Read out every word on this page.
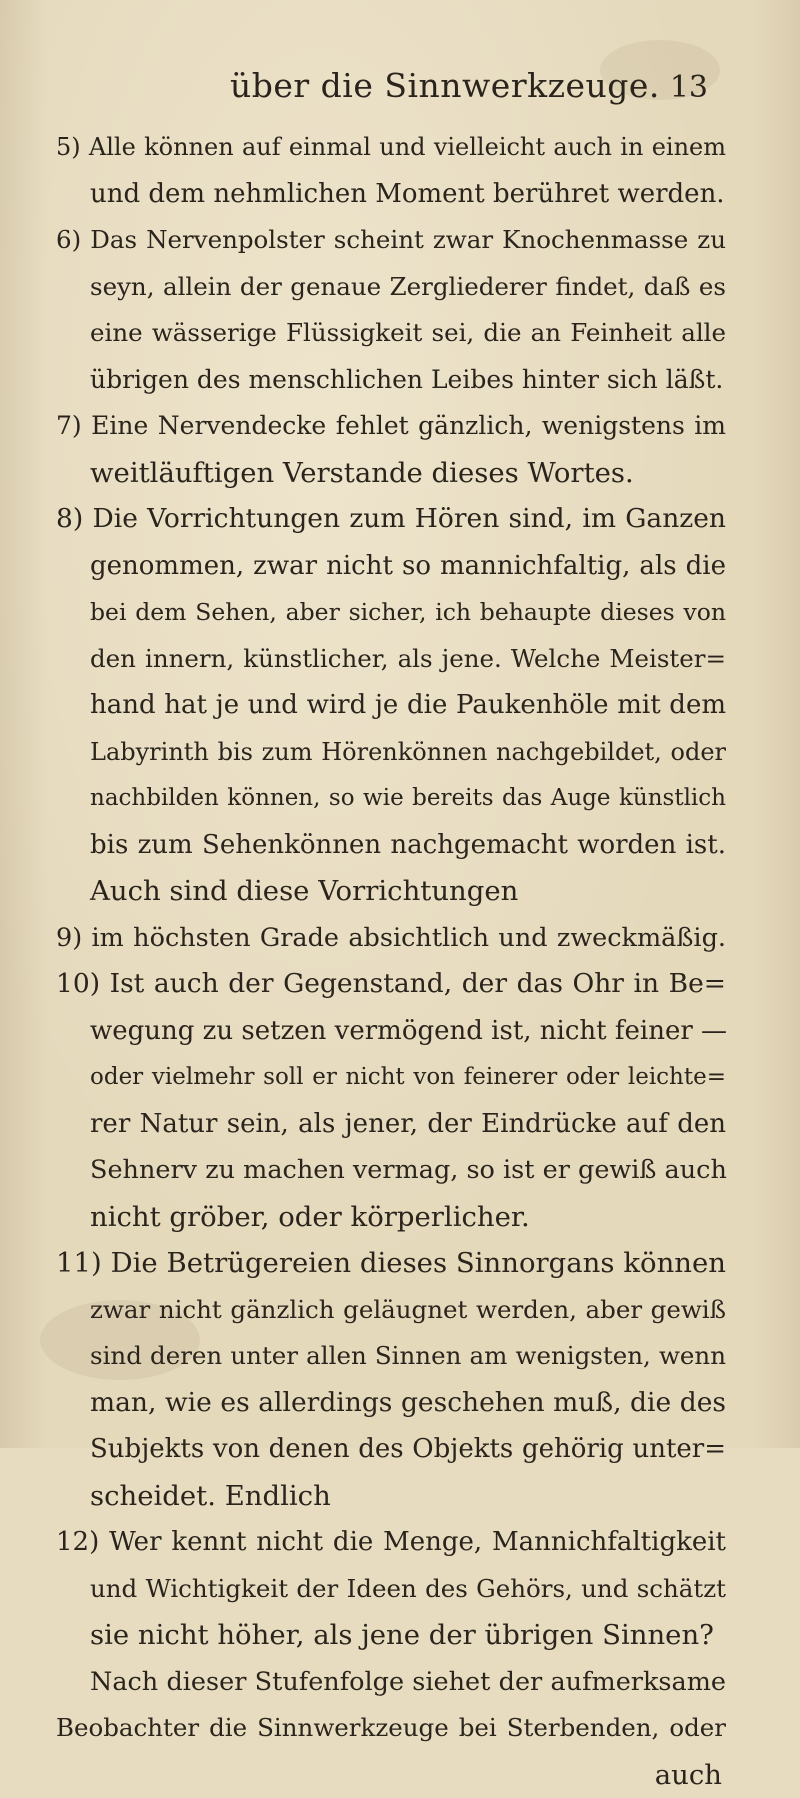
über die Sinnwerkzeuge. 13
5) Alle können auf einmal und vielleicht auch in einem
und dem nehmlichen Moment berühret werden.
6) Das Nervenpolster scheint zwar Knochenmasse zu
seyn, allein der genaue Zergliederer findet, daß es
eine wässerige Flüssigkeit sei, die an Feinheit alle
übrigen des menschlichen Leibes hinter sich läßt.
7) Eine Nervendecke fehlet gänzlich, wenigstens im
weitläuftigen Verstande dieses Wortes.
8) Die Vorrichtungen zum Hören sind, im Ganzen
genommen, zwar nicht so mannichfaltig, als die
bei dem Sehen, aber sicher, ich behaupte dieses von
den innern, künstlicher, als jene. Welche Meister=
hand hat je und wird je die Paukenhöle mit dem
Labyrinth bis zum Hörenkönnen nachgebildet, oder
nachbilden können, so wie bereits das Auge künstlich
bis zum Sehenkönnen nachgemacht worden ist.
Auch sind diese Vorrichtungen
9) im höchsten Grade absichtlich und zweckmäßig.
10) Ist auch der Gegenstand, der das Ohr in Be=
wegung zu setzen vermögend ist, nicht feiner —
oder vielmehr soll er nicht von feinerer oder leichte=
rer Natur sein, als jener, der Eindrücke auf den
Sehnerv zu machen vermag, so ist er gewiß auch
nicht gröber, oder körperlicher.
11) Die Betrügereien dieses Sinnorgans können
zwar nicht gänzlich geläugnet werden, aber gewiß
sind deren unter allen Sinnen am wenigsten, wenn
man, wie es allerdings geschehen muß, die des
Subjekts von denen des Objekts gehörig unter=
scheidet. Endlich
12) Wer kennt nicht die Menge, Mannichfaltigkeit
und Wichtigkeit der Ideen des Gehörs, und schätzt
sie nicht höher, als jene der übrigen Sinnen?
Nach dieser Stufenfolge siehet der aufmerksame
Beobachter die Sinnwerkzeuge bei Sterbenden, oder
auch
